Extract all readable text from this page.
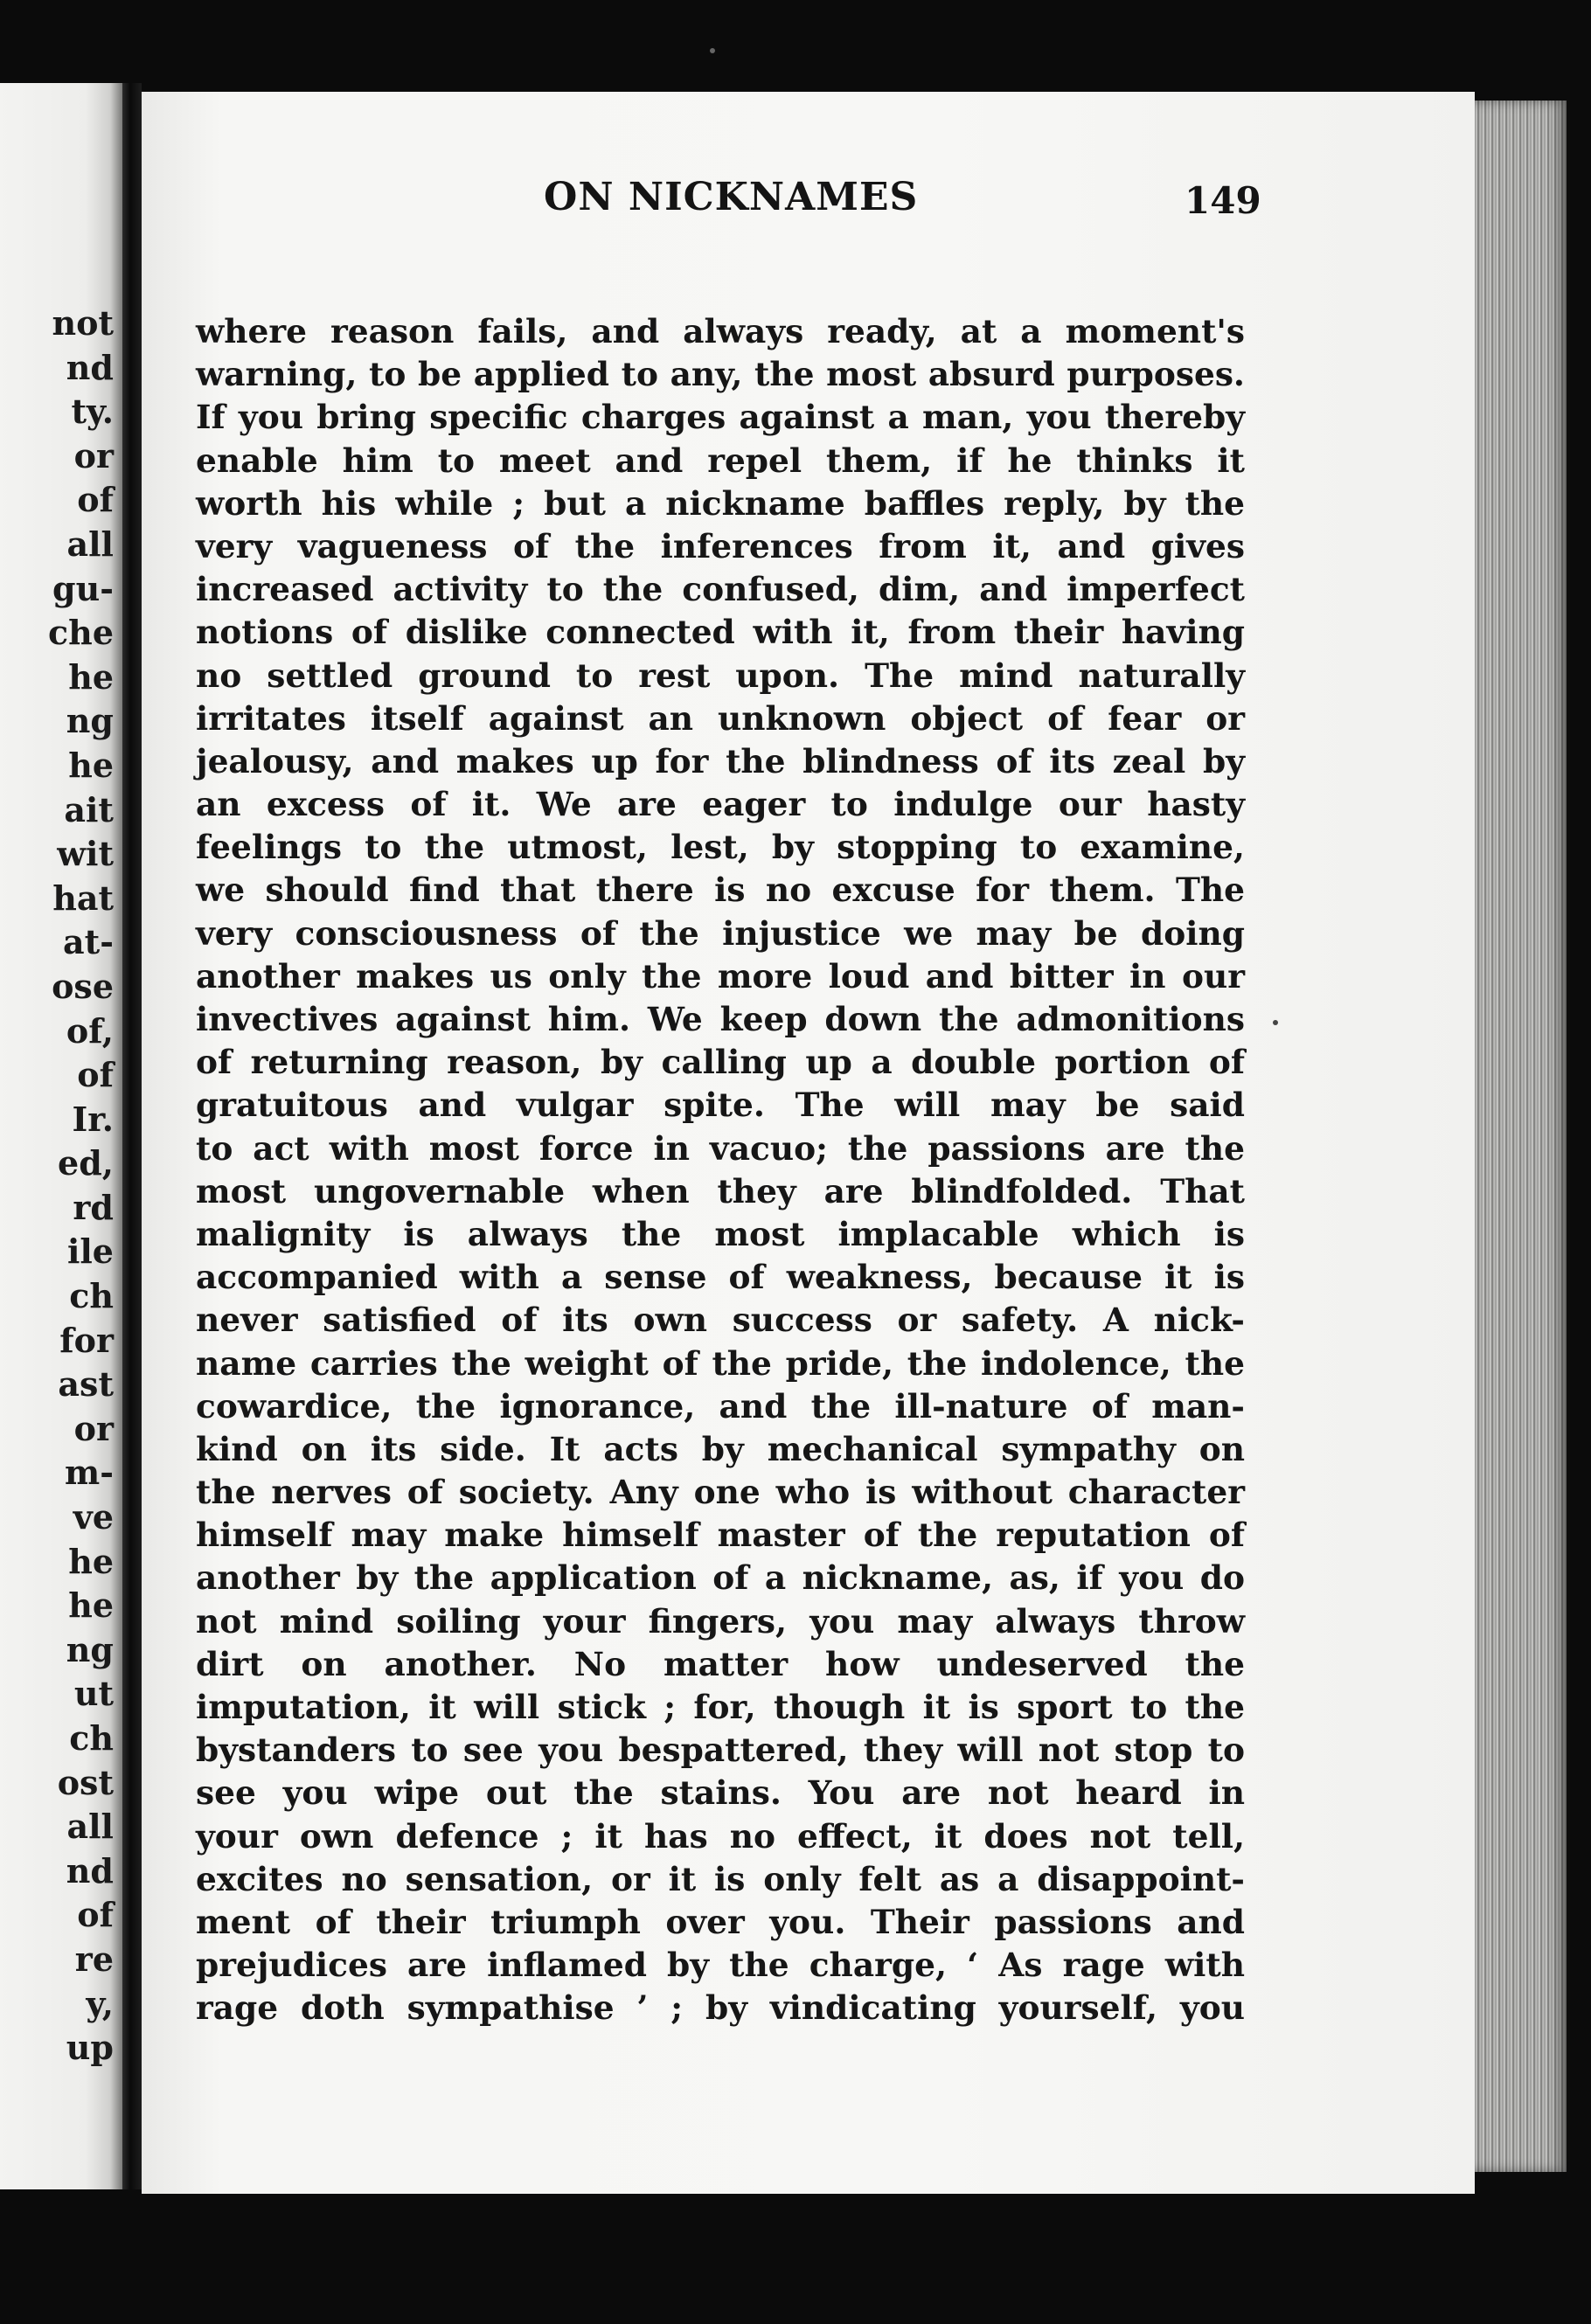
not
nd
ty.
or
of
all
gu-
che
he
ng
he
ait
wit
hat
at-
ose
of,
of
Ir.
ed,
rd
ile
ch
for
ast
or
m-
ve
he
he
ng
ut
ch
ost
all
nd
of
re
y,
up
ON NICKNAMES	149
where reason fails, and always ready, at a moment's
warning, to be applied to any, the most absurd purposes.
If you bring specific charges against a man, you thereby
enable him to meet and repel them, if he thinks it
worth his while ; but a nickname baffles reply, by the
very vagueness of the inferences from it, and gives
increased activity to the confused, dim, and imperfect
notions of dislike connected with it, from their having
no settled ground to rest upon. The mind naturally
irritates itself against an unknown object of fear or
jealousy, and makes up for the blindness of its zeal by
an excess of it. We are eager to indulge our hasty
feelings to the utmost, lest, by stopping to examine,
we should find that there is no excuse for them. The
very consciousness of the injustice we may be doing
another makes us only the more loud and bitter in our
invectives against him. We keep down the admonitions
of returning reason, by calling up a double portion of
gratuitous and vulgar spite. The will may be said
to act with most force in vacuo; the passions are the
most ungovernable when they are blindfolded. That
malignity is always the most implacable which is
accompanied with a sense of weakness, because it is
never satisfied of its own success or safety. A nick-
name carries the weight of the pride, the indolence, the
cowardice, the ignorance, and the ill-nature of man-
kind on its side. It acts by mechanical sympathy on
the nerves of society. Any one who is without character
himself may make himself master of the reputation of
another by the application of a nickname, as, if you do
not mind soiling your fingers, you may always throw
dirt on another. No matter how undeserved the
imputation, it will stick ; for, though it is sport to the
bystanders to see you bespattered, they will not stop to
see you wipe out the stains. You are not heard in
your own defence ; it has no effect, it does not tell,
excites no sensation, or it is only felt as a disappoint-
ment of their triumph over you. Their passions and
prejudices are inflamed by the charge, ‘ As rage with
rage doth sympathise ’ ; by vindicating yourself, you
